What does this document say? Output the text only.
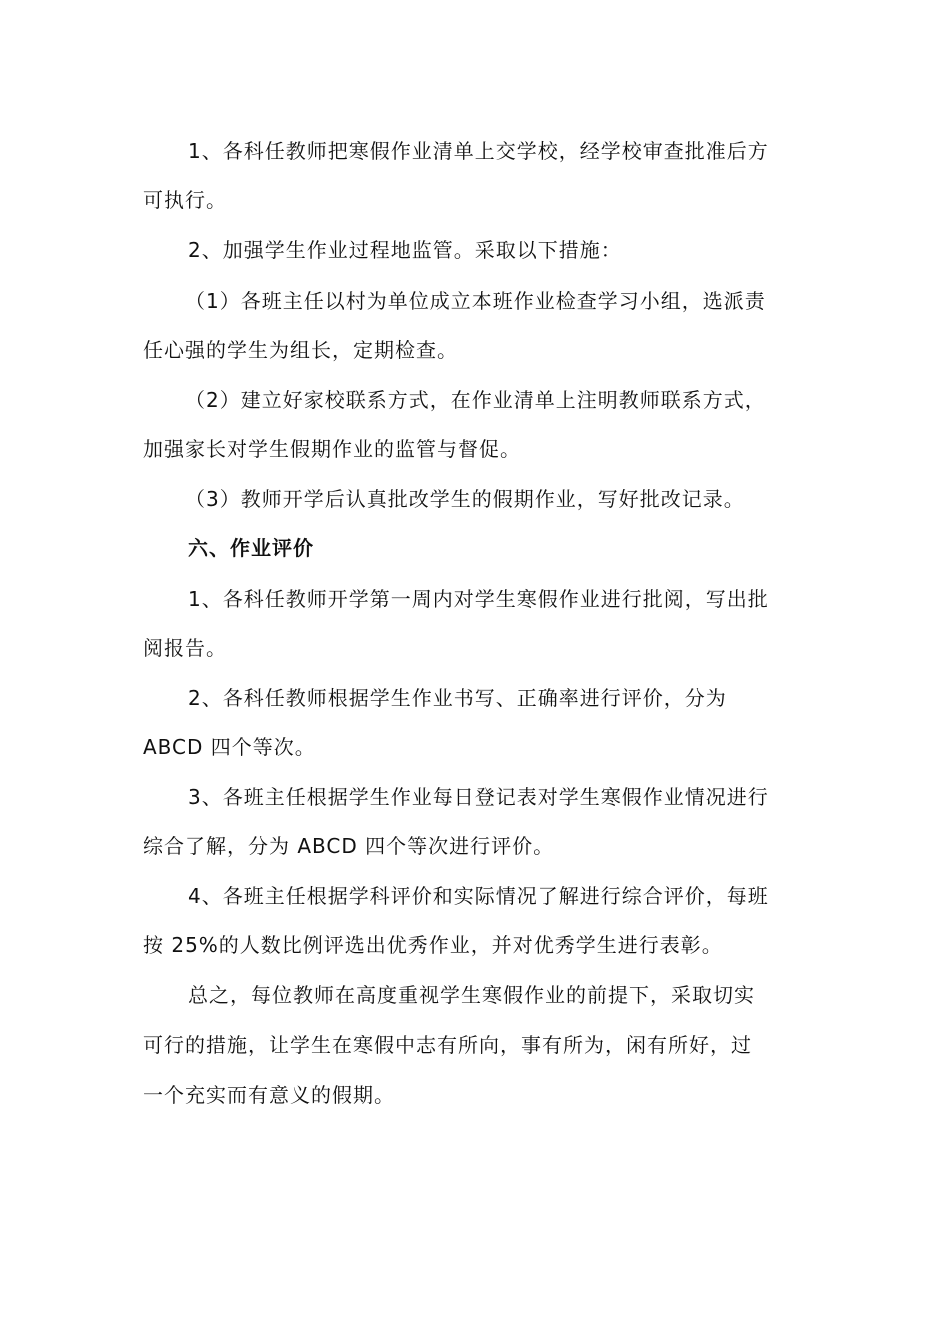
1、各科任教师把寒假作业清单上交学校，经学校审查批准后方
可执行。
2、加强学生作业过程地监管。采取以下措施：
（1）各班主任以村为单位成立本班作业检查学习小组，选派责
任心强的学生为组长，定期检查。
（2）建立好家校联系方式，在作业清单上注明教师联系方式，
加强家长对学生假期作业的监管与督促。
（3）教师开学后认真批改学生的假期作业，写好批改记录。
六、作业评价
1、各科任教师开学第一周内对学生寒假作业进行批阅，写出批
阅报告。
2、各科任教师根据学生作业书写、正确率进行评价，分为
ABCD 四个等次。
3、各班主任根据学生作业每日登记表对学生寒假作业情况进行
综合了解，分为 ABCD 四个等次进行评价。
4、各班主任根据学科评价和实际情况了解进行综合评价，每班
按 25%的人数比例评选出优秀作业，并对优秀学生进行表彰。
总之，每位教师在高度重视学生寒假作业的前提下，采取切实
可行的措施，让学生在寒假中志有所向，事有所为，闲有所好，过
一个充实而有意义的假期。
